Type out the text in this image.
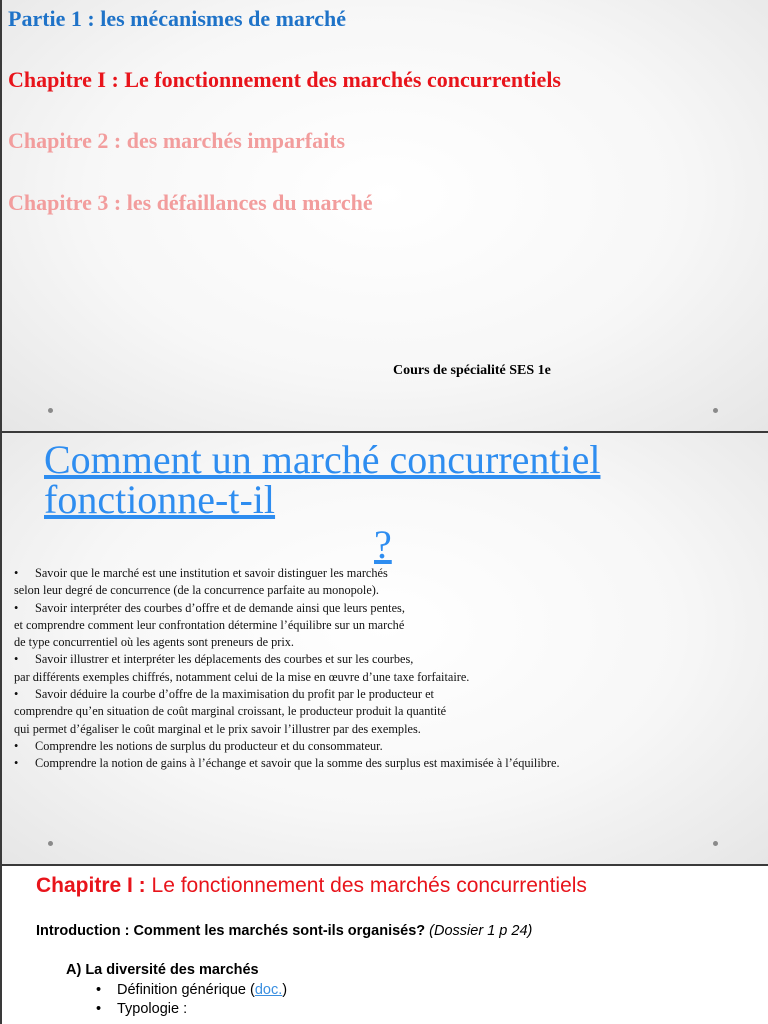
Partie 1 : les mécanismes de marché
Chapitre I : Le fonctionnement des marchés concurrentiels
Chapitre 2 : des marchés imparfaits
Chapitre 3 : les défaillances du marché
Cours de spécialité SES 1e
Comment un marché concurrentiel fonctionne-t-il
?
• Savoir que le marché est une institution et savoir distinguer les marchés
selon leur degré de concurrence (de la concurrence parfaite au monopole).
• Savoir interpréter des courbes d’offre et de demande ainsi que leurs pentes,
et comprendre comment leur confrontation détermine l’équilibre sur un marché
de type concurrentiel où les agents sont preneurs de prix.
• Savoir illustrer et interpréter les déplacements des courbes et sur les courbes,
par différents exemples chiffrés, notamment celui de la mise en œuvre d’une taxe forfaitaire.
• Savoir déduire la courbe d’offre de la maximisation du profit par le producteur et
comprendre qu’en situation de coût marginal croissant, le producteur produit la quantité
qui permet d’égaliser le coût marginal et le prix savoir l’illustrer par des exemples.
• Comprendre les notions de surplus du producteur et du consommateur.
• Comprendre la notion de gains à l’échange et savoir que la somme des surplus est maximisée à l’équilibre.
Chapitre I : Le fonctionnement des marchés concurrentiels
Introduction : Comment les marchés sont-ils organisés? (Dossier 1 p 24)
A) La diversité des marchés
• Définition générique (doc.)
• Typologie :
